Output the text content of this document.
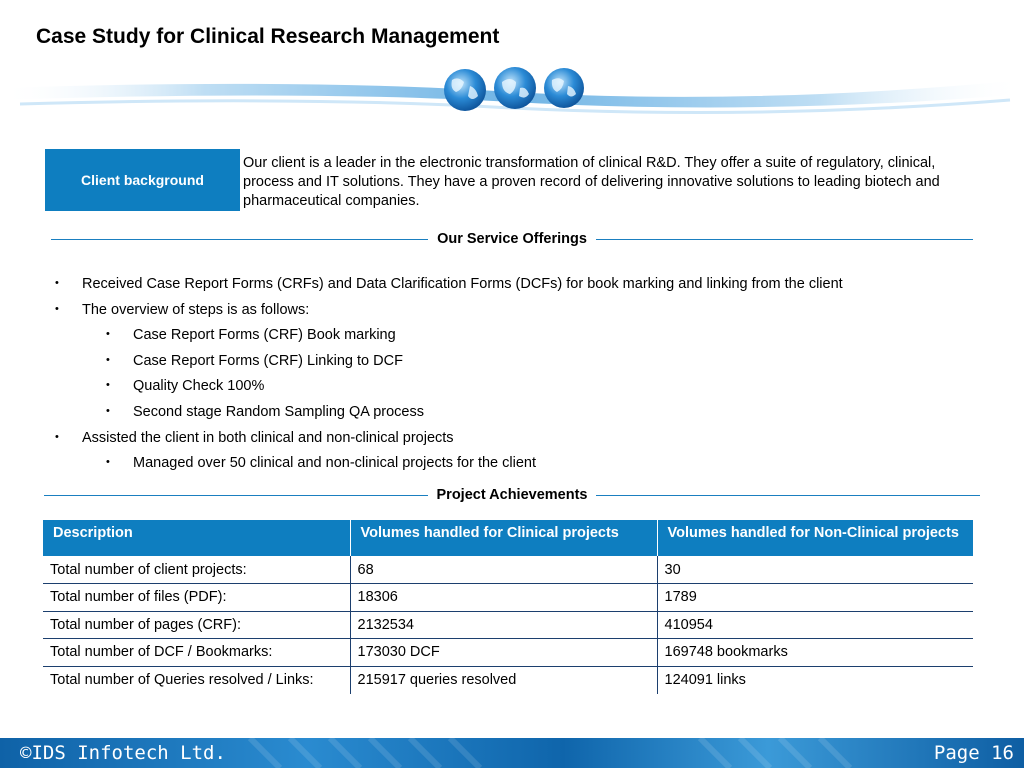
Case Study for Clinical Research Management
Client background
Our client is a leader in the electronic transformation of clinical R&D. They offer a suite of regulatory, clinical, process and IT solutions. They have a proven record of delivering innovative solutions to leading biotech and pharmaceutical companies.
Our Service Offerings
• Received Case Report Forms (CRFs) and Data Clarification Forms (DCFs) for book marking and linking from the client
• The overview of steps is as follows:
• Case Report Forms (CRF) Book marking
• Case Report Forms (CRF) Linking to DCF
• Quality Check 100%
• Second stage Random Sampling QA process
• Assisted the client in both clinical and non-clinical projects
• Managed over 50 clinical and non-clinical projects for the client
Project Achievements
Description	Volumes handled for Clinical projects	Volumes handled for Non-Clinical projects
Total number of client projects:	68	30
Total number of files (PDF):	18306	1789
Total number of pages (CRF):	2132534	410954
Total number of DCF / Bookmarks:	173030 DCF	169748 bookmarks
Total number of Queries resolved / Links:	215917 queries resolved	124091 links
©IDS Infotech Ltd.	Page 16
